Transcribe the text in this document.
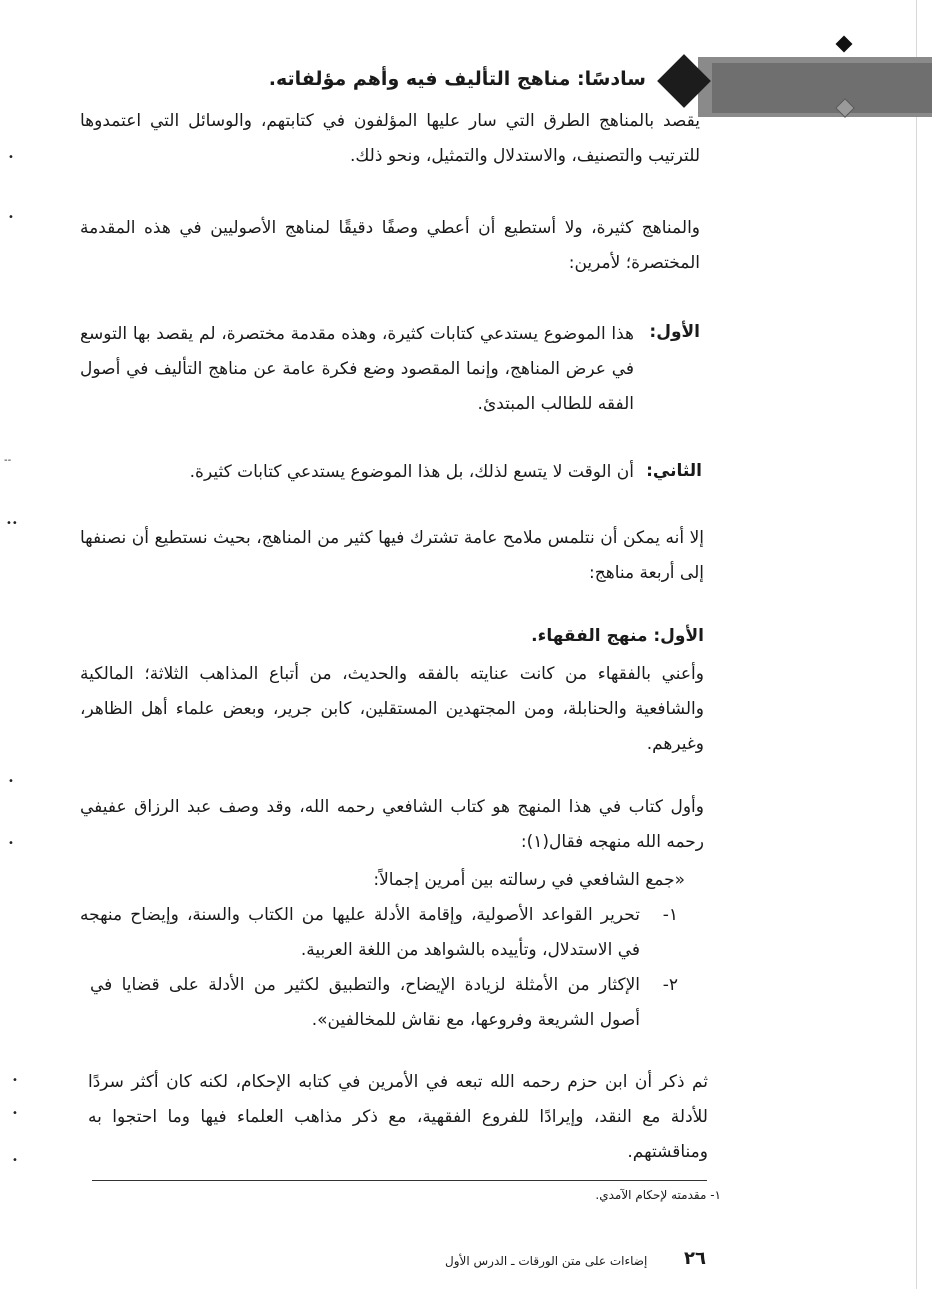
سادسًا: مناهج التأليف فيه وأهم مؤلفاته.
يقصد بالمناهج الطرق التي سار عليها المؤلفون في كتابتهم، والوسائل التي اعتمدوها للترتيب والتصنيف، والاستدلال والتمثيل، ونحو ذلك.
والمناهج كثيرة، ولا أستطيع أن أعطي وصفًا دقيقًا لمناهج الأصوليين في هذه المقدمة المختصرة؛ لأمرين:
الأول:
هذا الموضوع يستدعي كتابات كثيرة، وهذه مقدمة مختصرة، لم يقصد بها التوسع في عرض المناهج، وإنما المقصود وضع فكرة عامة عن مناهج التأليف في أصول الفقه للطالب المبتدئ.
الثاني:
أن الوقت لا يتسع لذلك، بل هذا الموضوع يستدعي كتابات كثيرة.
إلا أنه يمكن أن نتلمس ملامح عامة تشترك فيها كثير من المناهج، بحيث نستطيع أن نصنفها إلى أربعة مناهج:
الأول: منهج الفقهاء.
وأعني بالفقهاء من كانت عنايته بالفقه والحديث، من أتباع المذاهب الثلاثة؛ المالكية والشافعية والحنابلة، ومن المجتهدين المستقلين، كابن جرير، وبعض علماء أهل الظاهر، وغيرهم.
وأول كتاب في هذا المنهج هو كتاب الشافعي رحمه الله، وقد وصف عبد الرزاق عفيفي رحمه الله منهجه فقال(١):
«جمع الشافعي في رسالته بين أمرين إجمالاً:
١-
تحرير القواعد الأصولية، وإقامة الأدلة عليها من الكتاب والسنة، وإيضاح منهجه في الاستدلال، وتأييده بالشواهد من اللغة العربية.
٢-
الإكثار من الأمثلة لزيادة الإيضاح، والتطبيق لكثير من الأدلة على قضايا في أصول الشريعة وفروعها، مع نقاش للمخالفين».
ثم ذكر أن ابن حزم رحمه الله تبعه في الأمرين في كتابه الإحكام، لكنه كان أكثر سردًا للأدلة مع النقد، وإيرادًا للفروع الفقهية، مع ذكر مذاهب العلماء فيها وما احتجوا به ومناقشتهم.
١- مقدمته لإحكام الآمدي.
٢٦
إضاءات على متن الورقات ـ الدرس الأول
•
•
‐‐
••
•
•
•
•
•
